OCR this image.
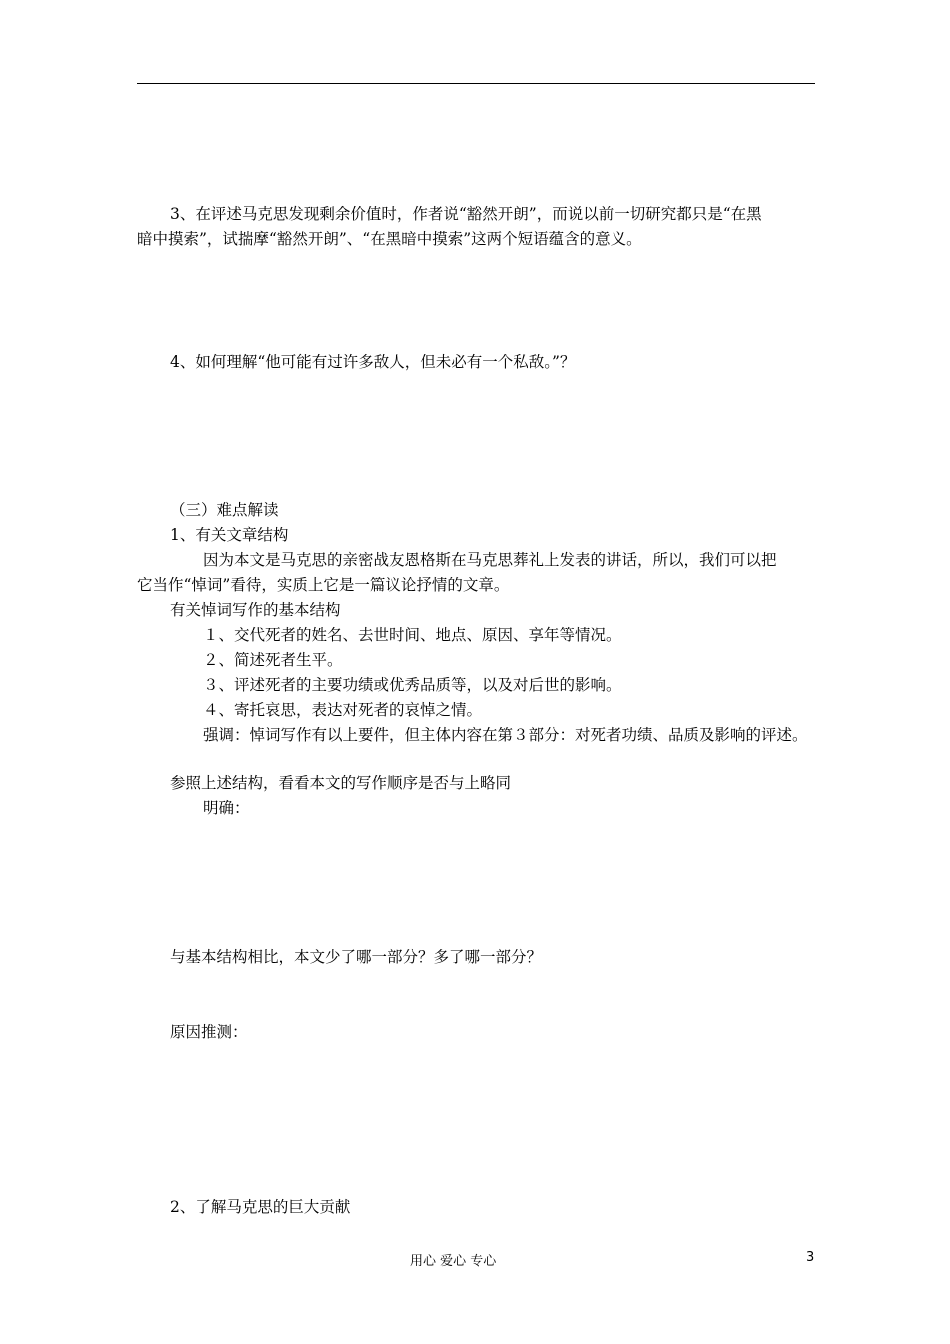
3、在评述马克思发现剩余价值时，作者说“豁然开朗”，而说以前一切研究都只是“在黑
暗中摸索”，试揣摩“豁然开朗”、“在黑暗中摸索”这两个短语蕴含的意义。
4、如何理解“他可能有过许多敌人，但未必有一个私敌。”？
（三）难点解读
1、有关文章结构
因为本文是马克思的亲密战友恩格斯在马克思葬礼上发表的讲话，所以，我们可以把
它当作“悼词”看待，实质上它是一篇议论抒情的文章。
有关悼词写作的基本结构
１、交代死者的姓名、去世时间、地点、原因、享年等情况。
２、简述死者生平。
３、评述死者的主要功绩或优秀品质等，以及对后世的影响。
４、寄托哀思，表达对死者的哀悼之情。
强调：悼词写作有以上要件，但主体内容在第３部分：对死者功绩、品质及影响的评述。
参照上述结构，看看本文的写作顺序是否与上略同
明确：
与基本结构相比，本文少了哪一部分？多了哪一部分？
原因推测：
2、了解马克思的巨大贡献
用心 爱心 专心	3
